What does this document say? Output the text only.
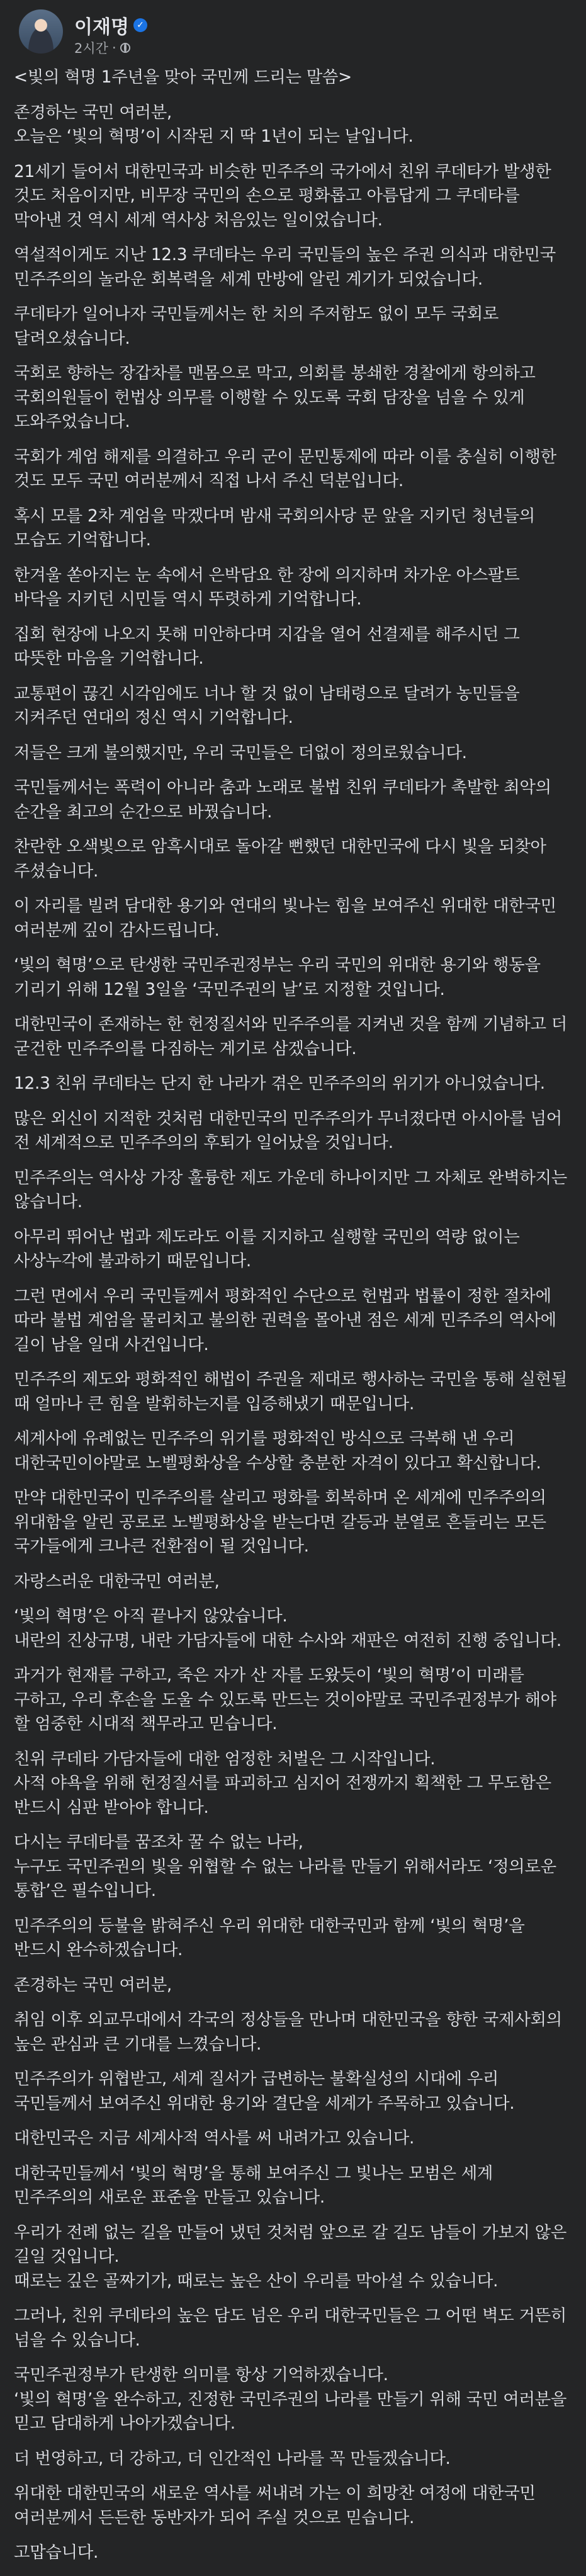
이재명 ✓
2시간 ·

<빛의 혁명 1주년을 맞아 국민께 드리는 말씀>

존경하는 국민 여러분,
오늘은 ‘빛의 혁명’이 시작된 지 딱 1년이 되는 날입니다.

21세기 들어서 대한민국과 비슷한 민주주의 국가에서 친위 쿠데타가 발생한 것도 처음이지만, 비무장 국민의 손으로 평화롭고 아름답게 그 쿠데타를 막아낸 것 역시 세계 역사상 처음있는 일이었습니다.

역설적이게도 지난 12.3 쿠데타는 우리 국민들의 높은 주권 의식과 대한민국 민주주의의 놀라운 회복력을 세계 만방에 알린 계기가 되었습니다.

쿠데타가 일어나자 국민들께서는 한 치의 주저함도 없이 모두 국회로 달려오셨습니다.

국회로 향하는 장갑차를 맨몸으로 막고, 의회를 봉쇄한 경찰에게 항의하고 국회의원들이 헌법상 의무를 이행할 수 있도록 국회 담장을 넘을 수 있게 도와주었습니다.

국회가 계엄 해제를 의결하고 우리 군이 문민통제에 따라 이를 충실히 이행한 것도 모두 국민 여러분께서 직접 나서 주신 덕분입니다.

혹시 모를 2차 계엄을 막겠다며 밤새 국회의사당 문 앞을 지키던 청년들의 모습도 기억합니다.

한겨울 쏟아지는 눈 속에서 은박담요 한 장에 의지하며 차가운 아스팔트 바닥을 지키던 시민들 역시 뚜렷하게 기억합니다.

집회 현장에 나오지 못해 미안하다며 지갑을 열어 선결제를 해주시던 그 따뜻한 마음을 기억합니다.

교통편이 끊긴 시각임에도 너나 할 것 없이 남태령으로 달려가 농민들을 지켜주던 연대의 정신 역시 기억합니다.

저들은 크게 불의했지만, 우리 국민들은 더없이 정의로웠습니다.

국민들께서는 폭력이 아니라 춤과 노래로 불법 친위 쿠데타가 촉발한 최악의 순간을 최고의 순간으로 바꿨습니다.

찬란한 오색빛으로 암흑시대로 돌아갈 뻔했던 대한민국에 다시 빛을 되찾아 주셨습니다.

이 자리를 빌려 담대한 용기와 연대의 빛나는 힘을 보여주신 위대한 대한국민 여러분께 깊이 감사드립니다.

‘빛의 혁명’으로 탄생한 국민주권정부는 우리 국민의 위대한 용기와 행동을 기리기 위해 12월 3일을 ‘국민주권의 날’로 지정할 것입니다.

대한민국이 존재하는 한 헌정질서와 민주주의를 지켜낸 것을 함께 기념하고 더 굳건한 민주주의를 다짐하는 계기로 삼겠습니다.

12.3 친위 쿠데타는 단지 한 나라가 겪은 민주주의의 위기가 아니었습니다.

많은 외신이 지적한 것처럼 대한민국의 민주주의가 무너졌다면 아시아를 넘어 전 세계적으로 민주주의의 후퇴가 일어났을 것입니다.

민주주의는 역사상 가장 훌륭한 제도 가운데 하나이지만 그 자체로 완벽하지는 않습니다.

아무리 뛰어난 법과 제도라도 이를 지지하고 실행할 국민의 역량 없이는 사상누각에 불과하기 때문입니다.

그런 면에서 우리 국민들께서 평화적인 수단으로 헌법과 법률이 정한 절차에 따라 불법 계엄을 물리치고 불의한 권력을 몰아낸 점은 세계 민주주의 역사에 길이 남을 일대 사건입니다.

민주주의 제도와 평화적인 해법이 주권을 제대로 행사하는 국민을 통해 실현될 때 얼마나 큰 힘을 발휘하는지를 입증해냈기 때문입니다.

세계사에 유례없는 민주주의 위기를 평화적인 방식으로 극복해 낸 우리 대한국민이야말로 노벨평화상을 수상할 충분한 자격이 있다고 확신합니다.

만약 대한민국이 민주주의를 살리고 평화를 회복하며 온 세계에 민주주의의 위대함을 알린 공로로 노벨평화상을 받는다면 갈등과 분열로 흔들리는 모든 국가들에게 크나큰 전환점이 될 것입니다.

자랑스러운 대한국민 여러분,

‘빛의 혁명’은 아직 끝나지 않았습니다.
내란의 진상규명, 내란 가담자들에 대한 수사와 재판은 여전히 진행 중입니다.

과거가 현재를 구하고, 죽은 자가 산 자를 도왔듯이 ‘빛의 혁명’이 미래를 구하고, 우리 후손을 도울 수 있도록 만드는 것이야말로 국민주권정부가 해야 할 엄중한 시대적 책무라고 믿습니다.

친위 쿠데타 가담자들에 대한 엄정한 처벌은 그 시작입니다.
사적 야욕을 위해 헌정질서를 파괴하고 심지어 전쟁까지 획책한 그 무도함은 반드시 심판 받아야 합니다.

다시는 쿠데타를 꿈조차 꿀 수 없는 나라,
누구도 국민주권의 빛을 위협할 수 없는 나라를 만들기 위해서라도 ‘정의로운 통합’은 필수입니다.

민주주의의 등불을 밝혀주신 우리 위대한 대한국민과 함께 ‘빛의 혁명’을 반드시 완수하겠습니다.

존경하는 국민 여러분,

취임 이후 외교무대에서 각국의 정상들을 만나며 대한민국을 향한 국제사회의 높은 관심과 큰 기대를 느꼈습니다.

민주주의가 위협받고, 세계 질서가 급변하는 불확실성의 시대에 우리 국민들께서 보여주신 위대한 용기와 결단을 세계가 주목하고 있습니다.

대한민국은 지금 세계사적 역사를 써 내려가고 있습니다.

대한국민들께서 ‘빛의 혁명’을 통해 보여주신 그 빛나는 모범은 세계 민주주의의 새로운 표준을 만들고 있습니다.

우리가 전례 없는 길을 만들어 냈던 것처럼 앞으로 갈 길도 남들이 가보지 않은 길일 것입니다.
때로는 깊은 골짜기가, 때로는 높은 산이 우리를 막아설 수 있습니다.

그러나, 친위 쿠데타의 높은 담도 넘은 우리 대한국민들은 그 어떤 벽도 거뜬히 넘을 수 있습니다.

국민주권정부가 탄생한 의미를 항상 기억하겠습니다.
‘빛의 혁명’을 완수하고, 진정한 국민주권의 나라를 만들기 위해 국민 여러분을 믿고 담대하게 나아가겠습니다.

더 번영하고, 더 강하고, 더 인간적인 나라를 꼭 만들겠습니다.

위대한 대한민국의 새로운 역사를 써내려 가는 이 희망찬 여정에 대한국민 여러분께서 든든한 동반자가 되어 주실 것으로 믿습니다.

고맙습니다.
